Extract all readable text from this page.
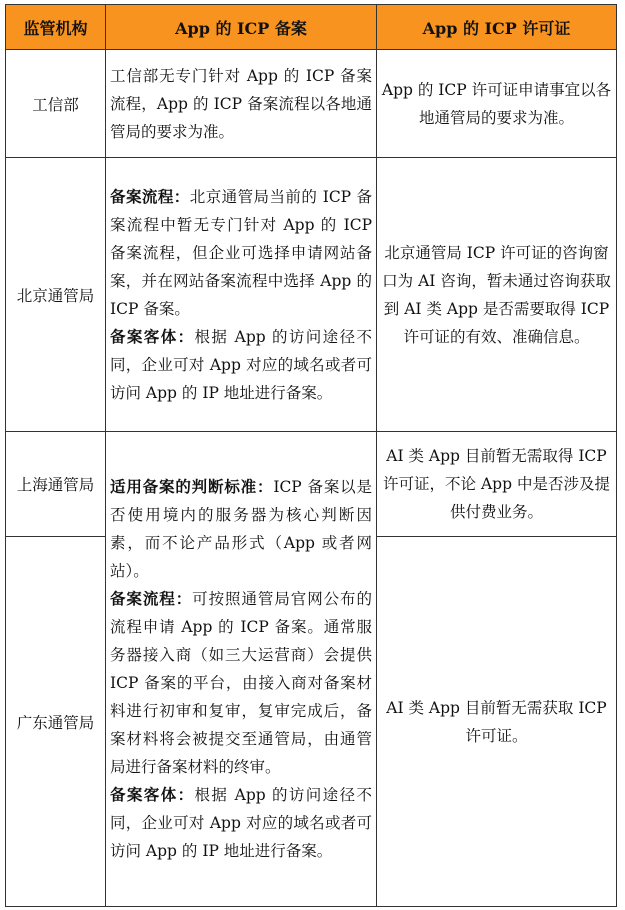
监管机构	App 的 ICP 备案	App 的 ICP 许可证
工信部	工信部无专门针对 App 的 ICP 备案流程，App 的 ICP 备案流程以各地通管局的要求为准。	App 的 ICP 许可证申请事宜以各地通管局的要求为准。

北京通管局	备案流程：北京通管局当前的 ICP 备案流程中暂无专门针对 App 的 ICP 备案流程，但企业可选择申请网站备案，并在网站备案流程中选择 App 的 ICP 备案。

备案客体：根据 App 的访问途径不同，企业可对 App 对应的域名或者可访问 App 的 IP 地址进行备案。	北京通管局 ICP 许可证的咨询窗口为 AI 咨询，暂未通过咨询获取到 AI 类 App 是否需要取得 ICP 许可证的有效、准确信息。

上海通管局	适用备案的判断标准：ICP 备案以是否使用境内的服务器为核心判断因素，而不论产品形式（App 或者网站）。

备案流程：可按照通管局官网公布的流程申请 App 的 ICP 备案。通常服务器接入商（如三大运营商）会提供 ICP 备案的平台，由接入商对备案材料进行初审和复审，复审完成后，备案材料将会被提交至通管局，由通管局进行备案材料的终审。

备案客体：根据 App 的访问途径不同，企业可对 App 对应的域名或者可访问 App 的 IP 地址进行备案。	AI 类 App 目前暂无需取得 ICP 许可证，不论 App 中是否涉及提供付费业务。

广东通管局		AI 类 App 目前暂无需获取 ICP 许可证。
